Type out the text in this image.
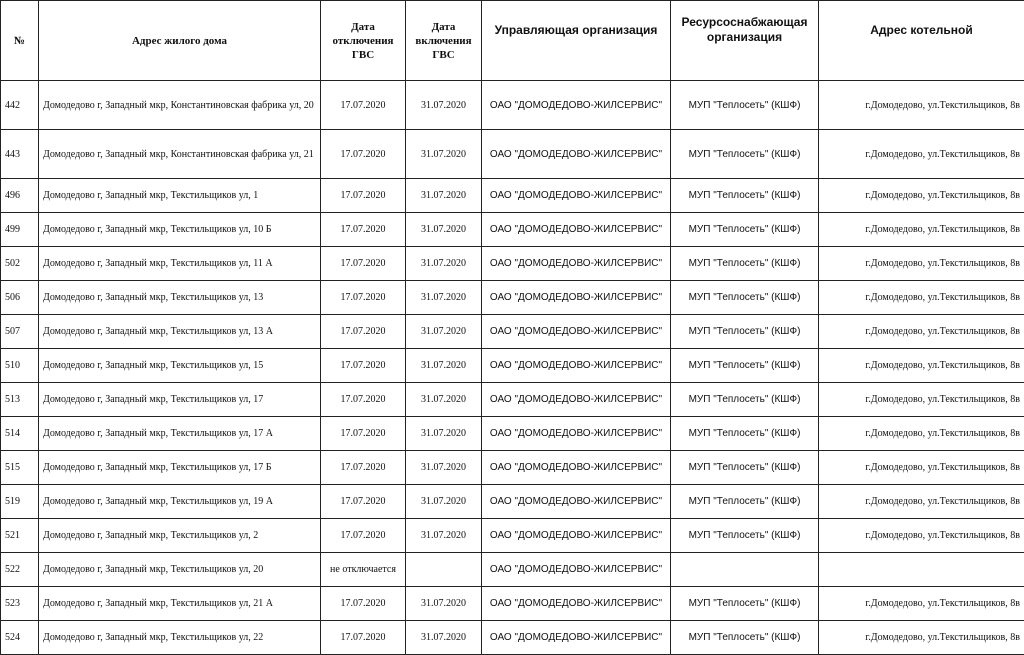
№	Адрес жилого дома	Дата отключения ГВС	Дата включения ГВС	Управляющая организация	Ресурсоснабжающая организация	Адрес котельной
442	Домодедово г, Западный мкр, Константиновская фабрика ул, 20	17.07.2020	31.07.2020	ОАО "ДОМОДЕДОВО-ЖИЛСЕРВИС"	МУП "Теплосеть" (КШФ)	г.Домодедово, ул.Текстильщиков, 8в
443	Домодедово г, Западный мкр, Константиновская фабрика ул, 21	17.07.2020	31.07.2020	ОАО "ДОМОДЕДОВО-ЖИЛСЕРВИС"	МУП "Теплосеть" (КШФ)	г.Домодедово, ул.Текстильщиков, 8в
496	Домодедово г, Западный мкр, Текстильщиков ул, 1	17.07.2020	31.07.2020	ОАО "ДОМОДЕДОВО-ЖИЛСЕРВИС"	МУП "Теплосеть" (КШФ)	г.Домодедово, ул.Текстильщиков, 8в
499	Домодедово г, Западный мкр, Текстильщиков ул, 10 Б	17.07.2020	31.07.2020	ОАО "ДОМОДЕДОВО-ЖИЛСЕРВИС"	МУП "Теплосеть" (КШФ)	г.Домодедово, ул.Текстильщиков, 8в
502	Домодедово г, Западный мкр, Текстильщиков ул, 11 А	17.07.2020	31.07.2020	ОАО "ДОМОДЕДОВО-ЖИЛСЕРВИС"	МУП "Теплосеть" (КШФ)	г.Домодедово, ул.Текстильщиков, 8в
506	Домодедово г, Западный мкр, Текстильщиков ул, 13	17.07.2020	31.07.2020	ОАО "ДОМОДЕДОВО-ЖИЛСЕРВИС"	МУП "Теплосеть" (КШФ)	г.Домодедово, ул.Текстильщиков, 8в
507	Домодедово г, Западный мкр, Текстильщиков ул, 13 А	17.07.2020	31.07.2020	ОАО "ДОМОДЕДОВО-ЖИЛСЕРВИС"	МУП "Теплосеть" (КШФ)	г.Домодедово, ул.Текстильщиков, 8в
510	Домодедово г, Западный мкр, Текстильщиков ул, 15	17.07.2020	31.07.2020	ОАО "ДОМОДЕДОВО-ЖИЛСЕРВИС"	МУП "Теплосеть" (КШФ)	г.Домодедово, ул.Текстильщиков, 8в
513	Домодедово г, Западный мкр, Текстильщиков ул, 17	17.07.2020	31.07.2020	ОАО "ДОМОДЕДОВО-ЖИЛСЕРВИС"	МУП "Теплосеть" (КШФ)	г.Домодедово, ул.Текстильщиков, 8в
514	Домодедово г, Западный мкр, Текстильщиков ул, 17 А	17.07.2020	31.07.2020	ОАО "ДОМОДЕДОВО-ЖИЛСЕРВИС"	МУП "Теплосеть" (КШФ)	г.Домодедово, ул.Текстильщиков, 8в
515	Домодедово г, Западный мкр, Текстильщиков ул, 17 Б	17.07.2020	31.07.2020	ОАО "ДОМОДЕДОВО-ЖИЛСЕРВИС"	МУП "Теплосеть" (КШФ)	г.Домодедово, ул.Текстильщиков, 8в
519	Домодедово г, Западный мкр, Текстильщиков ул, 19 А	17.07.2020	31.07.2020	ОАО "ДОМОДЕДОВО-ЖИЛСЕРВИС"	МУП "Теплосеть" (КШФ)	г.Домодедово, ул.Текстильщиков, 8в
521	Домодедово г, Западный мкр, Текстильщиков ул, 2	17.07.2020	31.07.2020	ОАО "ДОМОДЕДОВО-ЖИЛСЕРВИС"	МУП "Теплосеть" (КШФ)	г.Домодедово, ул.Текстильщиков, 8в
522	Домодедово г, Западный мкр, Текстильщиков ул, 20	не отключается		ОАО "ДОМОДЕДОВО-ЖИЛСЕРВИС"		
523	Домодедово г, Западный мкр, Текстильщиков ул, 21 А	17.07.2020	31.07.2020	ОАО "ДОМОДЕДОВО-ЖИЛСЕРВИС"	МУП "Теплосеть" (КШФ)	г.Домодедово, ул.Текстильщиков, 8в
524	Домодедово г, Западный мкр, Текстильщиков ул, 22	17.07.2020	31.07.2020	ОАО "ДОМОДЕДОВО-ЖИЛСЕРВИС"	МУП "Теплосеть" (КШФ)	г.Домодедово, ул.Текстильщиков, 8в
